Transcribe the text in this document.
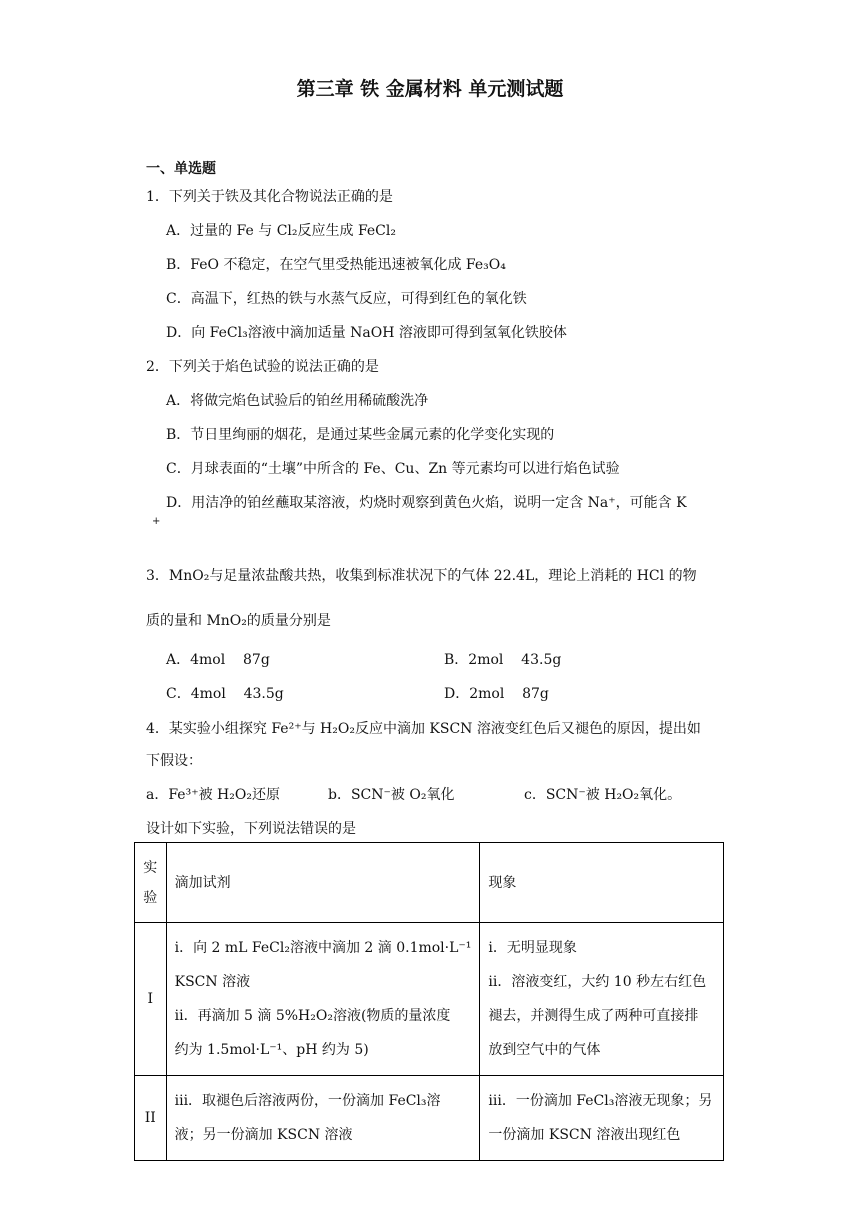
第三章 铁 金属材料 单元测试题
一、单选题
1．下列关于铁及其化合物说法正确的是
A．过量的 Fe 与 Cl₂反应生成 FeCl₂
B．FeO 不稳定，在空气里受热能迅速被氧化成 Fe₃O₄
C．高温下，红热的铁与水蒸气反应，可得到红色的氧化铁
D．向 FeCl₃溶液中滴加适量 NaOH 溶液即可得到氢氧化铁胶体
2．下列关于焰色试验的说法正确的是
A．将做完焰色试验后的铂丝用稀硫酸洗净
B．节日里绚丽的烟花，是通过某些金属元素的化学变化实现的
C．月球表面的“土壤”中所含的 Fe、Cu、Zn 等元素均可以进行焰色试验
D．用洁净的铂丝蘸取某溶液，灼烧时观察到黄色火焰，说明一定含 Na⁺，可能含 K
+
3．MnO₂与足量浓盐酸共热，收集到标准状况下的气体 22.4L，理论上消耗的 HCl 的物
质的量和 MnO₂的质量分别是
A．4mol    87g	B．2mol    43.5g
C．4mol    43.5g	D．2mol    87g
4．某实验小组探究 Fe²⁺与 H₂O₂反应中滴加 KSCN 溶液变红色后又褪色的原因，提出如
下假设：
a．Fe³⁺被 H₂O₂还原	b．SCN⁻被 O₂氧化	c．SCN⁻被 H₂O₂氧化。
设计如下实验，下列说法错误的是
实验	滴加试剂	现象
I	i．向 2 mL FeCl₂溶液中滴加 2 滴 0.1mol·L⁻¹
KSCN 溶液
ii．再滴加 5 滴 5%H₂O₂溶液(物质的量浓度
约为 1.5mol·L⁻¹、pH 约为 5)	i．无明显现象
ii．溶液变红，大约 10 秒左右红色
褪去，并测得生成了两种可直接排
放到空气中的气体

II	iii．取褪色后溶液两份，一份滴加 FeCl₃溶
液；另一份滴加 KSCN 溶液	iii．一份滴加 FeCl₃溶液无现象；另
一份滴加 KSCN 溶液出现红色
